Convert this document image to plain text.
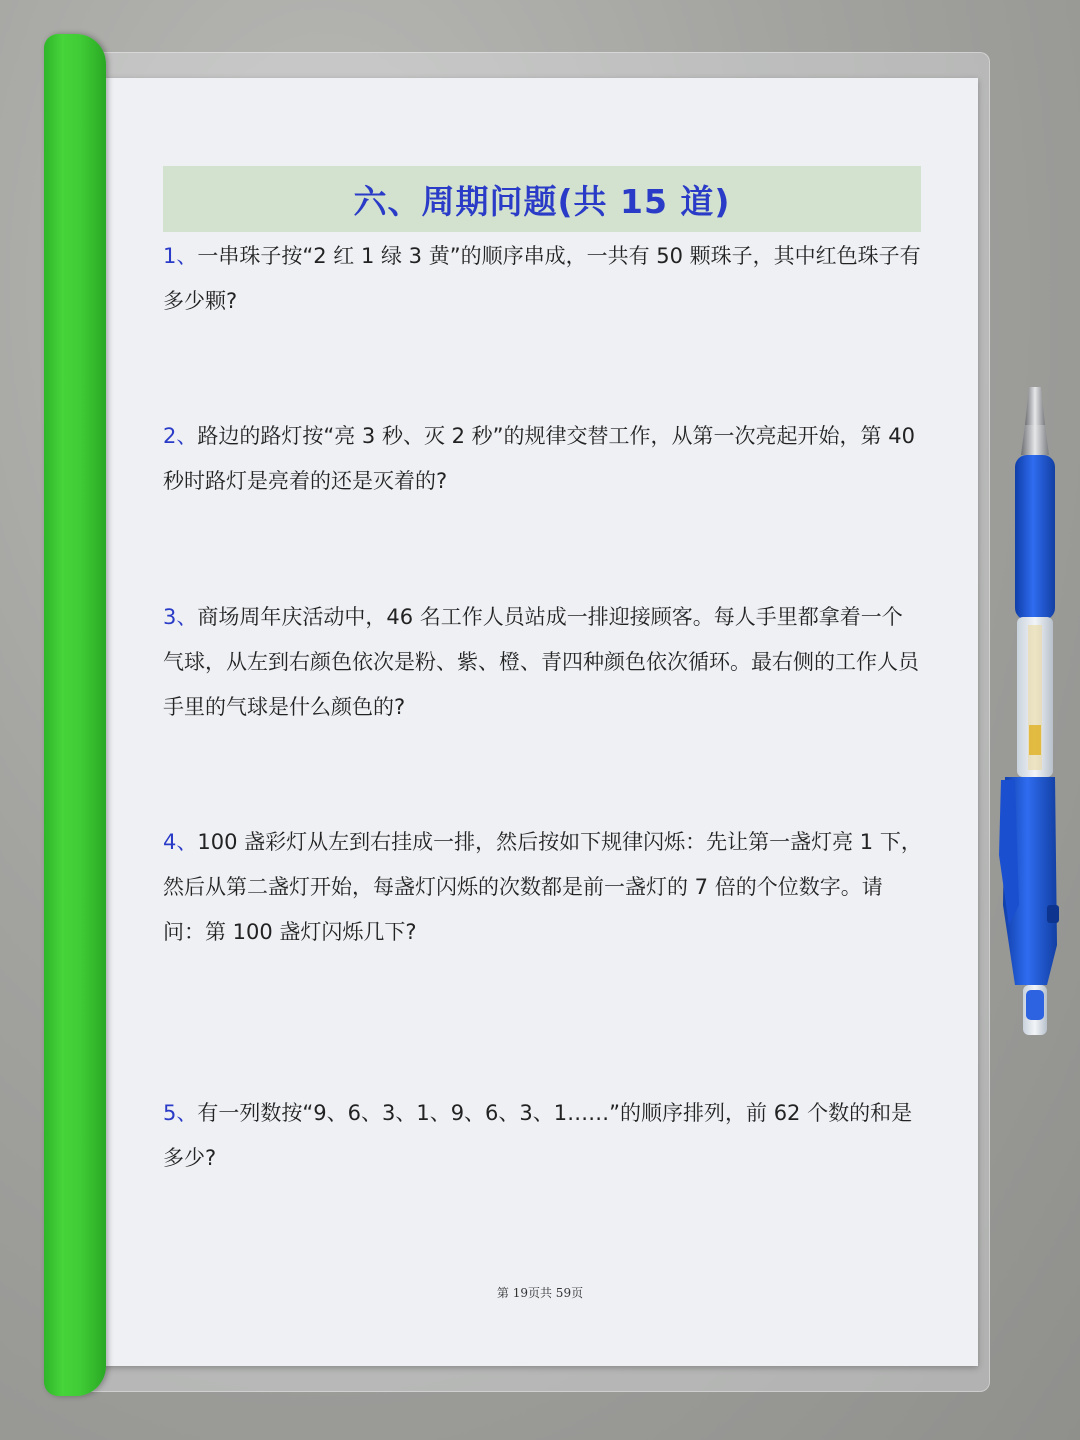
六、周期问题(共 15 道)

1、一串珠子按“2 红 1 绿 3 黄”的顺序串成，一共有 50 颗珠子，其中红色珠子有多少颗?

2、路边的路灯按“亮 3 秒、灭 2 秒”的规律交替工作，从第一次亮起开始，第 40 秒时路灯是亮着的还是灭着的?

3、商场周年庆活动中，46 名工作人员站成一排迎接顾客。每人手里都拿着一个气球，从左到右颜色依次是粉、紫、橙、青四种颜色依次循环。最右侧的工作人员手里的气球是什么颜色的?

4、100 盏彩灯从左到右挂成一排，然后按如下规律闪烁：先让第一盏灯亮 1 下，然后从第二盏灯开始，每盏灯闪烁的次数都是前一盏灯的 7 倍的个位数字。请问：第 100 盏灯闪烁几下?

5、有一列数按“9、6、3、1、9、6、3、1……”的顺序排列，前 62 个数的和是多少?

第 19页共 59页
